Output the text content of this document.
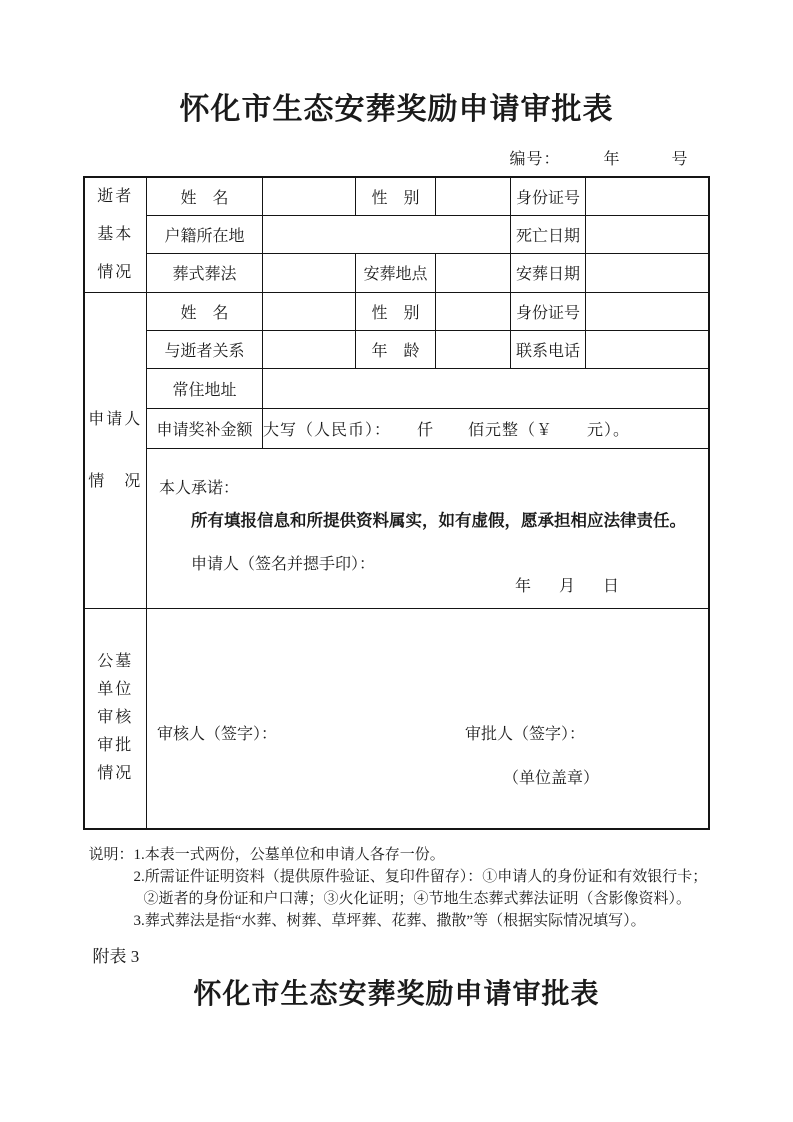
怀化市生态安葬奖励申请审批表
编号：　　　年　　　号
逝者
基本
情况	姓　名		性　别		身份证号	
	户籍所在地				死亡日期	
	葬式葬法		安葬地点		安葬日期	

申请人
情　况	姓　名		性　别		身份证号	
	与逝者关系		年　龄		联系电话	
	常住地址					
	申请奖补金额	大写（人民币）：　　仟　　佰元整（￥　　元）。				

	本人承诺：
所有填报信息和所提供资料属实，如有虚假，愿承担相应法律责任。
申请人（签名并摁手印）：
年　月　日					

公墓
单位
审核
审批
情况

审核人（签字）：	审批人（签字）：
（单位盖章）
说明： 1.本表一式两份，公墓单位和申请人各存一份。
2.所需证件证明资料（提供原件验证、复印件留存）：①申请人的身份证和有效银行卡；
②逝者的身份证和户口薄；③火化证明；④节地生态葬式葬法证明（含影像资料）。
3.葬式葬法是指“水葬、树葬、草坪葬、花葬、撒散”等（根据实际情况填写）。
附表 3
怀化市生态安葬奖励申请审批表
